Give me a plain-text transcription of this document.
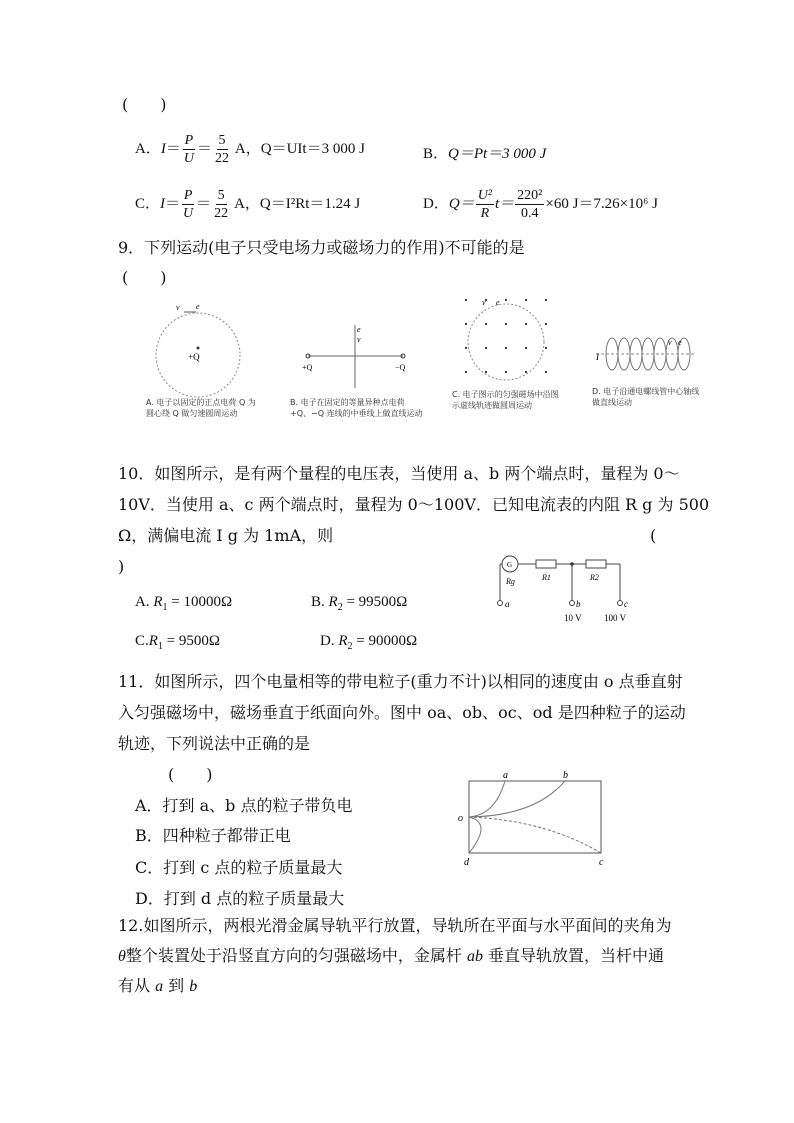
(　　)
A．$I= \frac{P}{U} = \frac{5}{22}$ A，Q＝UIt＝3 000 J	B．Q＝Pt＝3 000 J
C．$I= \frac{P}{U} = \frac{5}{22}$ A，Q＝I²Rt＝1.24 J	D．$Q= \frac{\text{U²}}{R} t= \frac{\text{220²}}{0.4} \times 60$ J＝7.26×10⁶ J
9．下列运动(电子只受电场力或磁场力的作用)不可能的是
(　　)
v e
+Q
A. 电子以固定的正点电荷 Q 为圆心绕 Q 做匀速圆周运动
e
v
+Q	−Q
B. 电子在固定的等量异种点电荷 +Q、−Q 连线的中垂线上做直线运动
v e
C. 电子图示的匀强磁场中沿图示虚线轨迹做圆周运动
I
v e
D. 电子沿通电螺线管中心轴线做直线运动
10．如图所示，是有两个量程的电压表，当使用 a、b 两个端点时，量程为 0～
10V．当使用 a、c 两个端点时，量程为 0～100V．已知电流表的内阻 R g 为 500
Ω，满偏电流 I g 为 1mA，则	(
)
A. $R_1 = 10000\Omega$	B. $R_2 = 99500\Omega$
$C.R_1 = 9500\Omega$	D. $R_2 = 90000\Omega$
G
Rg	R1	R2
a	b
10 V
c
100 V
11．如图所示，四个电量相等的带电粒子(重力不计)以相同的速度由 o 点垂直射
入匀强磁场中，磁场垂直于纸面向外。图中 oa、ob、oc、od 是四种粒子的运动
轨迹，下列说法中正确的是
(　　)
A．打到 a、b 点的粒子带负电
B．四种粒子都带正电
C．打到 c 点的粒子质量最大
D．打到 d 点的粒子质量最大
a	b
o
c
d
12.如图所示，两根光滑金属导轨平行放置，导轨所在平面与水平面间的夹角为
θ整个装置处于沿竖直方向的匀强磁场中，金属杆 ab 垂直导轨放置，当杆中通
有从 a 到 b
